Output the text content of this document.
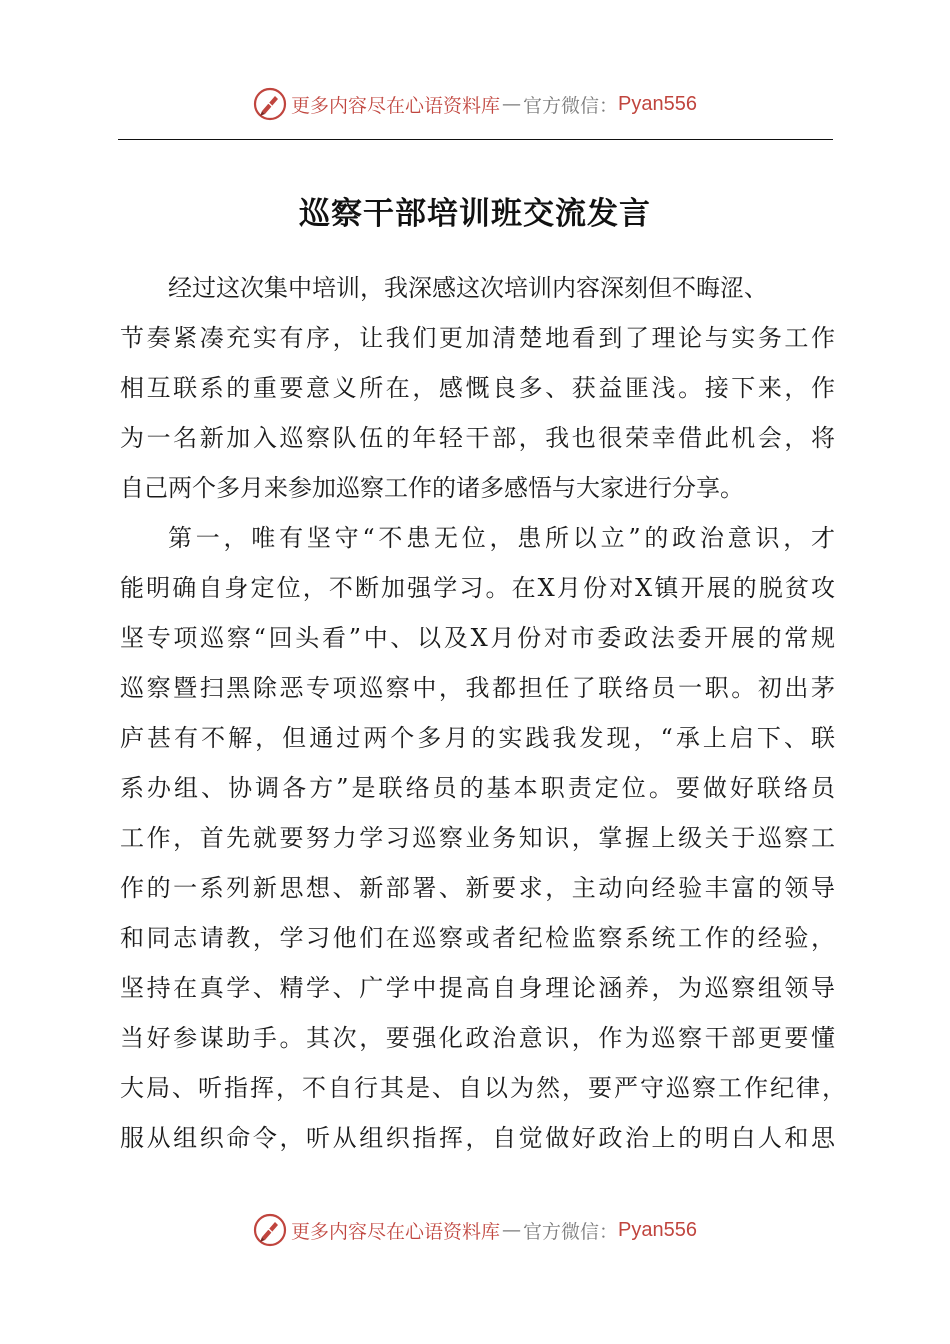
更多内容尽在心语资料库 — 官方微信： Pyan556
巡察干部培训班交流发言
经过这次集中培训，我深感这次培训内容深刻但不晦涩、
节奏紧凑充实有序，让我们更加清楚地看到了理论与实务工作
相互联系的重要意义所在，感慨良多、获益匪浅。接下来，作
为一名新加入巡察队伍的年轻干部，我也很荣幸借此机会，将
自己两个多月来参加巡察工作的诸多感悟与大家进行分享。
第一，唯有坚守“不患无位，患所以立”的政治意识，才
能明确自身定位，不断加强学习。在X月份对X镇开展的脱贫攻
坚专项巡察“回头看”中、以及X月份对市委政法委开展的常规
巡察暨扫黑除恶专项巡察中，我都担任了联络员一职。初出茅
庐甚有不解，但通过两个多月的实践我发现，“承上启下、联
系办组、协调各方”是联络员的基本职责定位。要做好联络员
工作，首先就要努力学习巡察业务知识，掌握上级关于巡察工
作的一系列新思想、新部署、新要求，主动向经验丰富的领导
和同志请教，学习他们在巡察或者纪检监察系统工作的经验，
坚持在真学、精学、广学中提高自身理论涵养，为巡察组领导
当好参谋助手。其次，要强化政治意识，作为巡察干部更要懂
大局、听指挥，不自行其是、自以为然，要严守巡察工作纪律，
服从组织命令，听从组织指挥，自觉做好政治上的明白人和思
更多内容尽在心语资料库 — 官方微信： Pyan556
